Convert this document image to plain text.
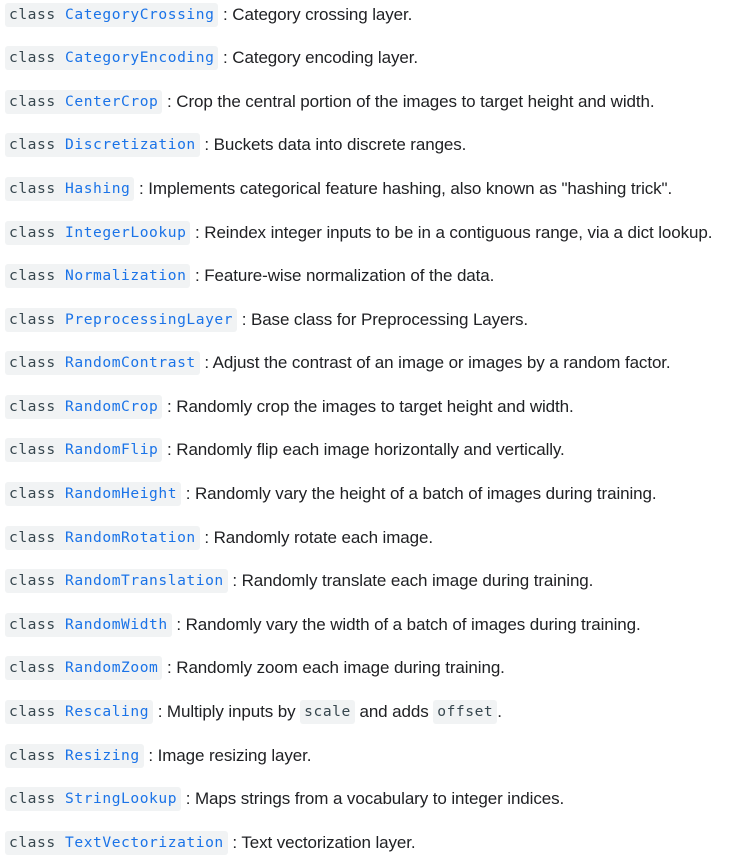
class CategoryCrossing : Category crossing layer.
class CategoryEncoding : Category encoding layer.
class CenterCrop : Crop the central portion of the images to target height and width.
class Discretization : Buckets data into discrete ranges.
class Hashing : Implements categorical feature hashing, also known as "hashing trick".
class IntegerLookup : Reindex integer inputs to be in a contiguous range, via a dict lookup.
class Normalization : Feature-wise normalization of the data.
class PreprocessingLayer : Base class for Preprocessing Layers.
class RandomContrast : Adjust the contrast of an image or images by a random factor.
class RandomCrop : Randomly crop the images to target height and width.
class RandomFlip : Randomly flip each image horizontally and vertically.
class RandomHeight : Randomly vary the height of a batch of images during training.
class RandomRotation : Randomly rotate each image.
class RandomTranslation : Randomly translate each image during training.
class RandomWidth : Randomly vary the width of a batch of images during training.
class RandomZoom : Randomly zoom each image during training.
class Rescaling : Multiply inputs by scale and adds offset .
class Resizing : Image resizing layer.
class StringLookup : Maps strings from a vocabulary to integer indices.
class TextVectorization : Text vectorization layer.
